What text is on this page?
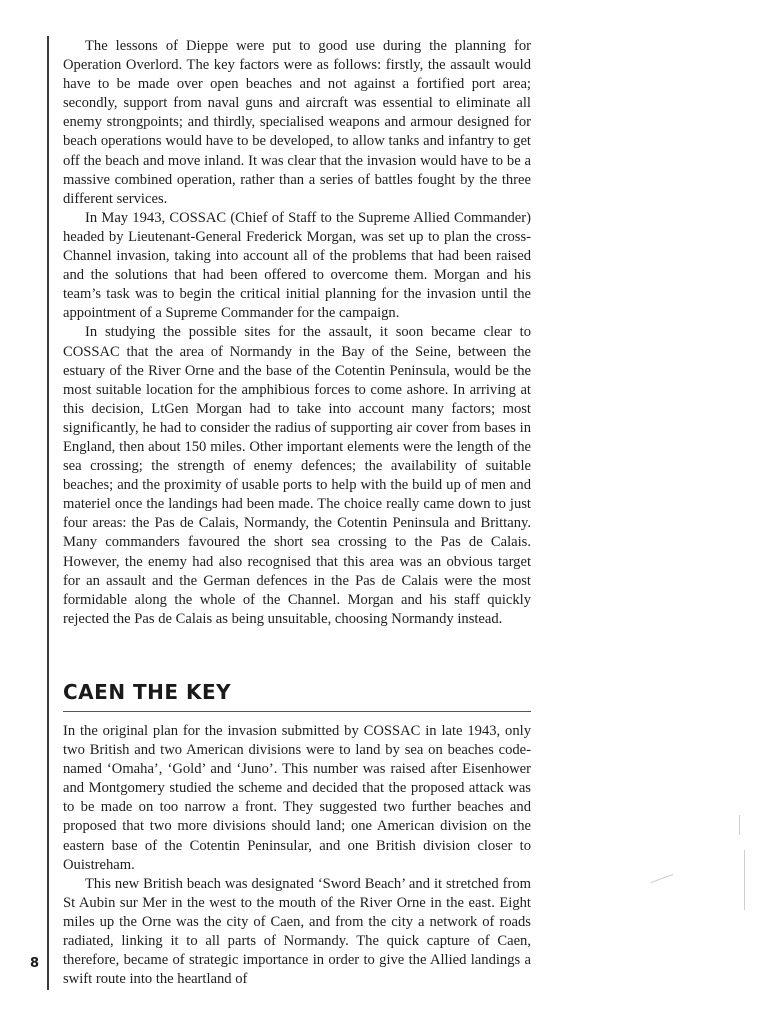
The lessons of Dieppe were put to good use during the planning for Operation Overlord. The key factors were as follows: firstly, the assault would have to be made over open beaches and not against a fortified port area; secondly, support from naval guns and aircraft was essential to eliminate all enemy strongpoints; and thirdly, specialised weapons and armour designed for beach operations would have to be developed, to allow tanks and infantry to get off the beach and move inland. It was clear that the invasion would have to be a massive combined operation, rather than a series of battles fought by the three different services.

In May 1943, COSSAC (Chief of Staff to the Supreme Allied Commander) headed by Lieutenant-General Frederick Morgan, was set up to plan the cross-Channel invasion, taking into account all of the problems that had been raised and the solutions that had been offered to overcome them. Morgan and his team’s task was to begin the critical initial planning for the invasion until the appointment of a Supreme Commander for the campaign.

In studying the possible sites for the assault, it soon became clear to COSSAC that the area of Normandy in the Bay of the Seine, between the estuary of the River Orne and the base of the Cotentin Peninsula, would be the most suitable location for the amphibious forces to come ashore. In arriving at this decision, LtGen Morgan had to take into account many factors; most significantly, he had to consider the radius of supporting air cover from bases in England, then about 150 miles. Other important elements were the length of the sea crossing; the strength of enemy defences; the availability of suitable beaches; and the proximity of usable ports to help with the build up of men and materiel once the landings had been made. The choice really came down to just four areas: the Pas de Calais, Normandy, the Cotentin Peninsula and Brittany. Many commanders favoured the short sea crossing to the Pas de Calais. However, the enemy had also recognised that this area was an obvious target for an assault and the German defences in the Pas de Calais were the most formidable along the whole of the Channel. Morgan and his staff quickly rejected the Pas de Calais as being unsuitable, choosing Normandy instead.

CAEN THE KEY

In the original plan for the invasion submitted by COSSAC in late 1943, only two British and two American divisions were to land by sea on beaches code-named ‘Omaha’, ‘Gold’ and ‘Juno’. This number was raised after Eisenhower and Montgomery studied the scheme and decided that the proposed attack was to be made on too narrow a front. They suggested two further beaches and proposed that two more divisions should land; one American division on the eastern base of the Cotentin Peninsular, and one British division closer to Ouistreham.

This new British beach was designated ‘Sword Beach’ and it stretched from St Aubin sur Mer in the west to the mouth of the River Orne in the east. Eight miles up the Orne was the city of Caen, and from the city a network of roads radiated, linking it to all parts of Normandy. The quick capture of Caen, therefore, became of strategic importance in order to give the Allied landings a swift route into the heartland of

8
